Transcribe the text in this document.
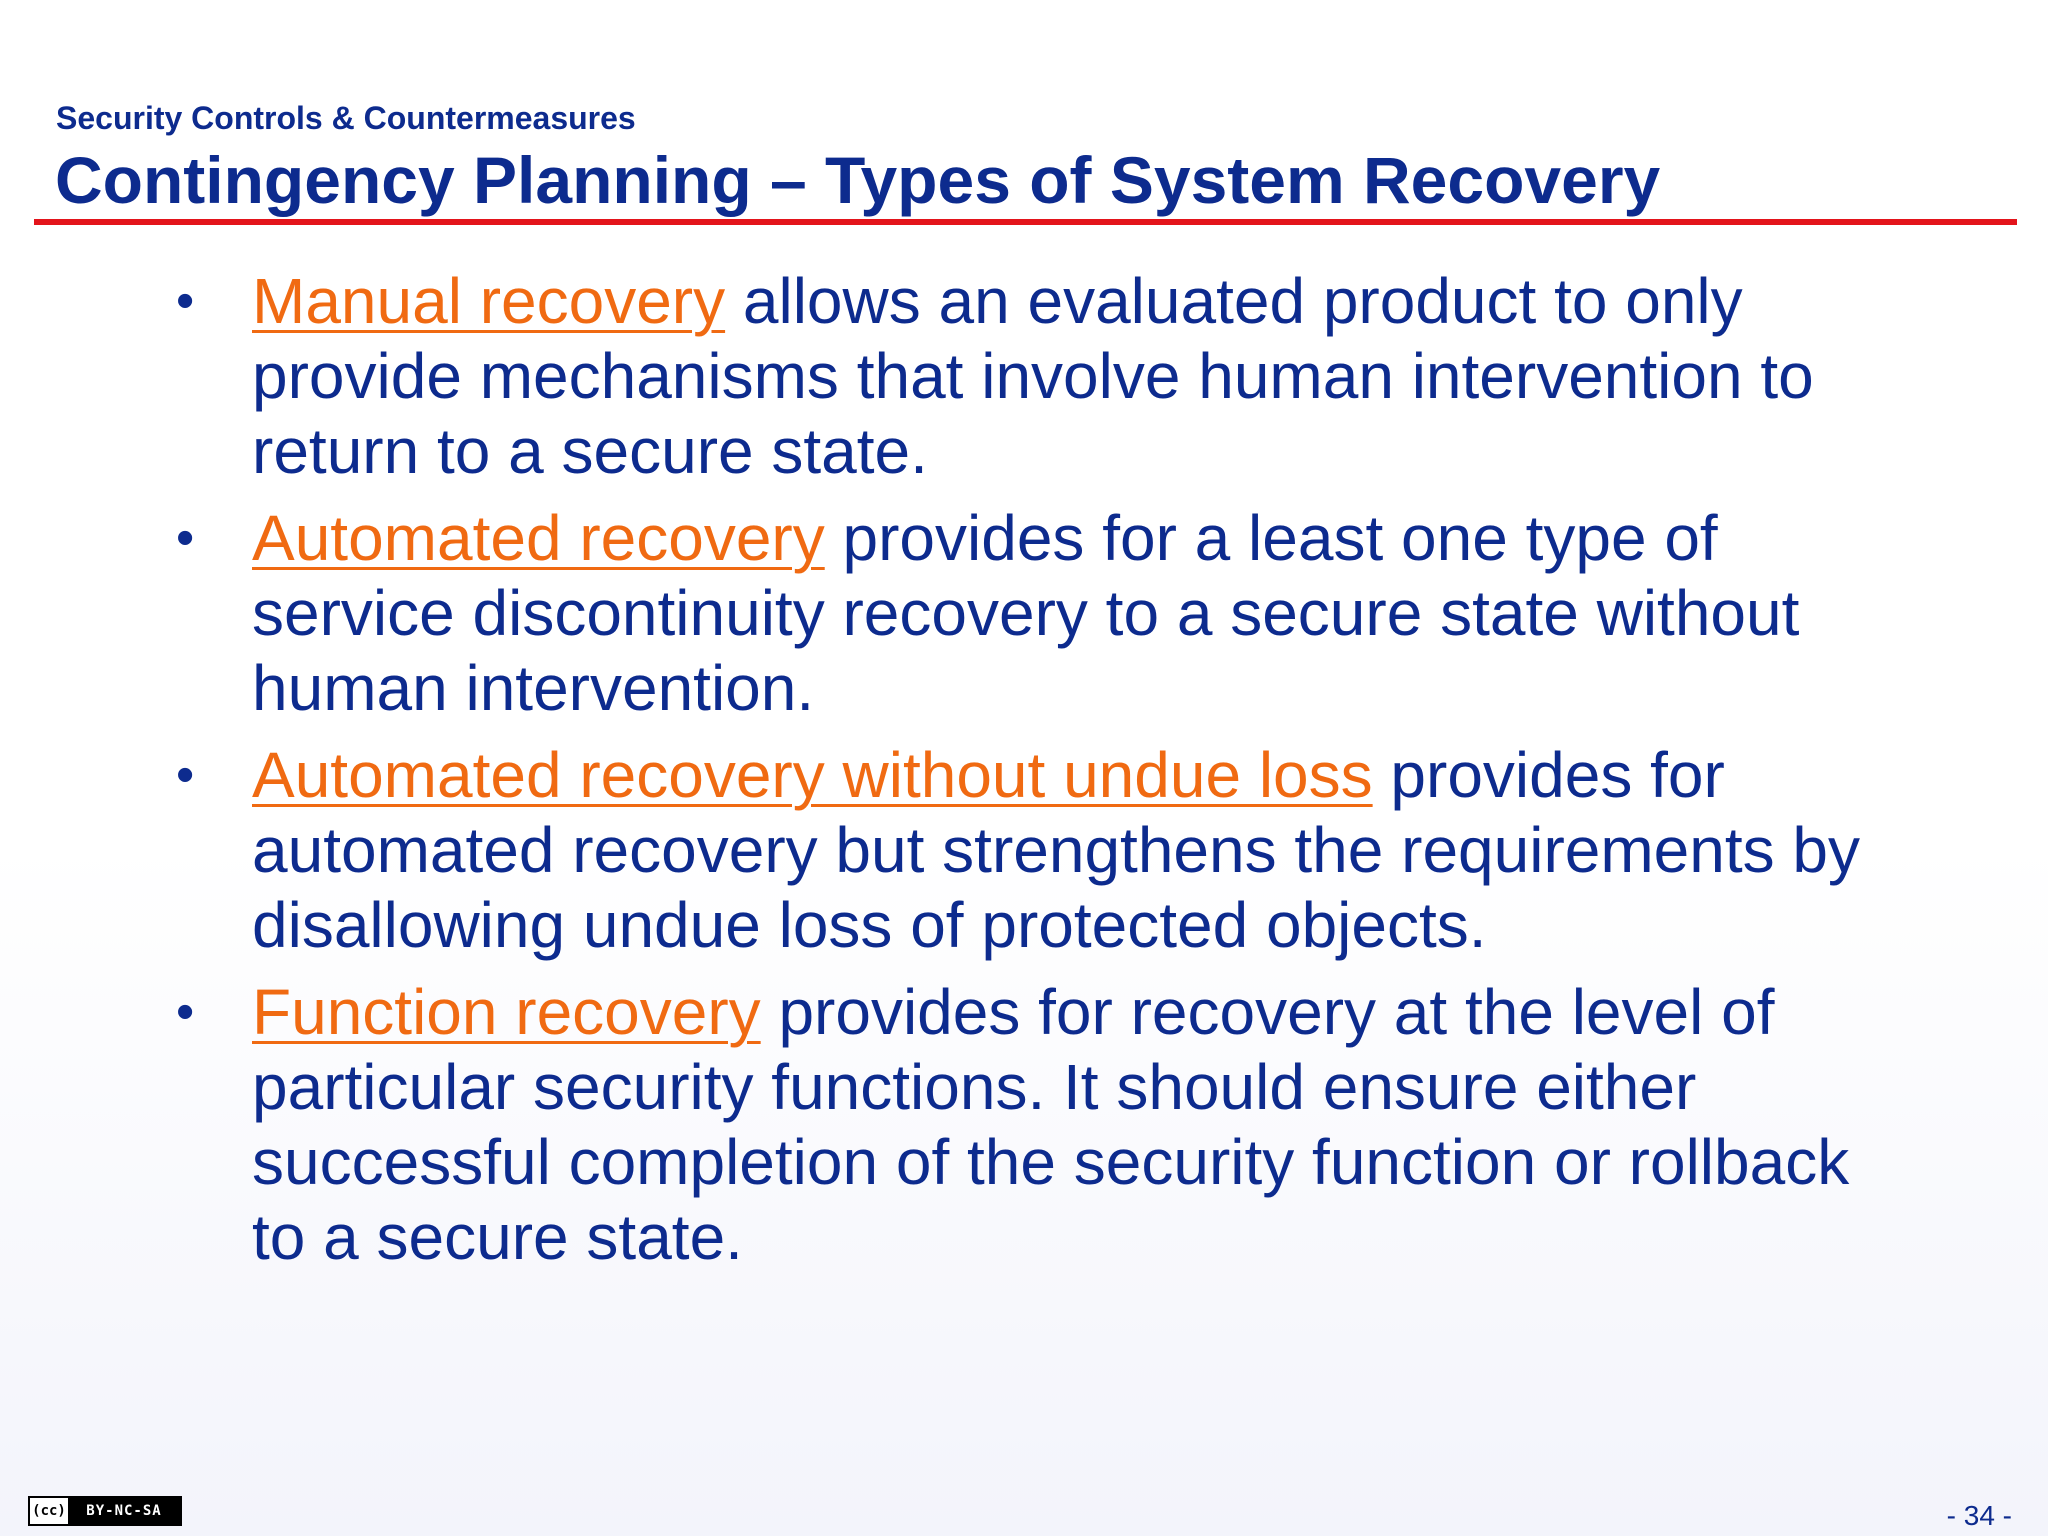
Security Controls & Countermeasures
Contingency Planning – Types of System Recovery
• Manual recovery allows an evaluated product to only provide mechanisms that involve human intervention to return to a secure state.
• Automated recovery provides for a least one type of service discontinuity recovery to a secure state without human intervention.
• Automated recovery without undue loss provides for automated recovery but strengthens the requirements by disallowing undue loss of protected objects.
• Function recovery provides for recovery at the level of particular security functions. It should ensure either successful completion of the security function or rollback to a secure state.
(cc)	BY-NC-SA	- 34 -
